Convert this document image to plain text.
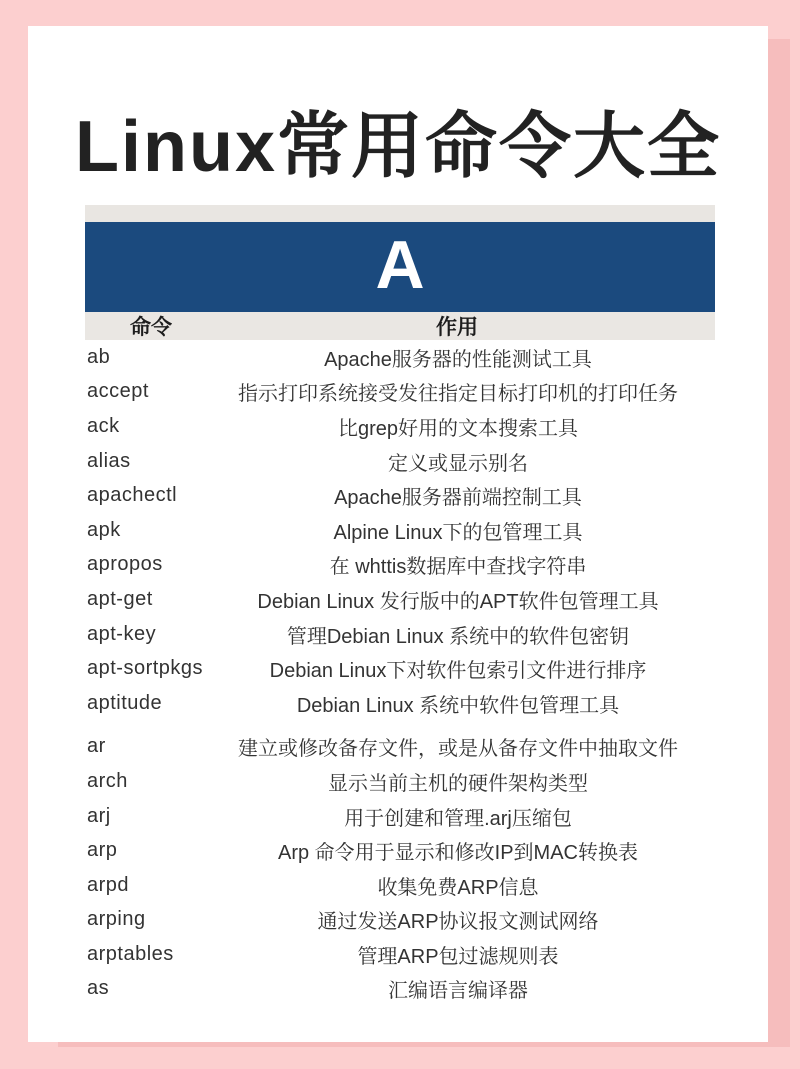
Linux常用命令大全
A
命令	作用
ab	Apache服务器的性能测试工具
accept	指示打印系统接受发往指定目标打印机的打印任务
ack	比grep好用的文本搜索工具
alias	定义或显示别名
apachectl	Apache服务器前端控制工具
apk	Alpine Linux下的包管理工具
apropos	在 whttis数据库中查找字符串
apt-get	Debian Linux 发行版中的APT软件包管理工具
apt-key	管理Debian Linux 系统中的软件包密钥
apt-sortpkgs	Debian Linux下对软件包索引文件进行排序
aptitude	Debian Linux 系统中软件包管理工具
ar	建立或修改备存文件，或是从备存文件中抽取文件
arch	显示当前主机的硬件架构类型
arj	用于创建和管理.arj压缩包
arp	Arp 命令用于显示和修改IP到MAC转换表
arpd	收集免费ARP信息
arping	通过发送ARP协议报文测试网络
arptables	管理ARP包过滤规则表
as	汇编语言编译器
